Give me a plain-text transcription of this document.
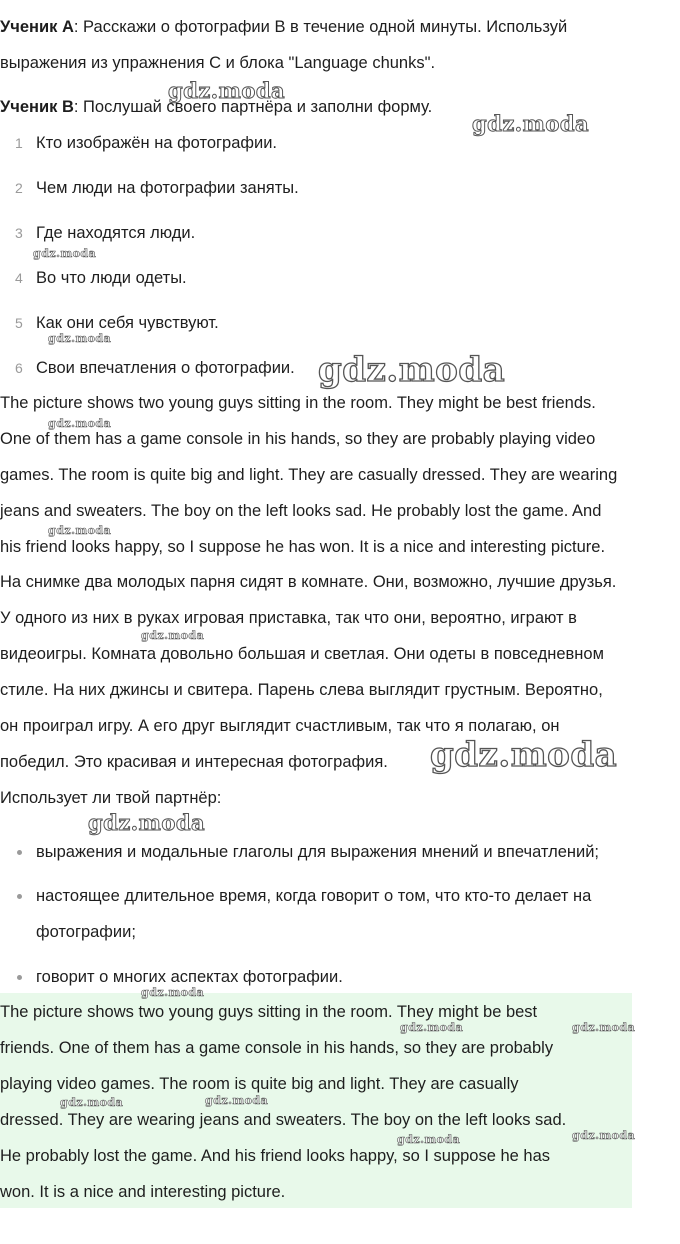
Ученик A: Расскажи о фотографии B в течение одной минуты. Используй
выражения из упражнения C и блока "Language chunks".
Ученик B: Послушай своего партнёра и заполни форму.
1 Кто изображён на фотографии.
2 Чем люди на фотографии заняты.
3 Где находятся люди.
4 Во что люди одеты.
5 Как они себя чувствуют.
6 Свои впечатления о фотографии.
The picture shows two young guys sitting in the room. They might be best friends.
One of them has a game console in his hands, so they are probably playing video
games. The room is quite big and light. They are casually dressed. They are wearing
jeans and sweaters. The boy on the left looks sad. He probably lost the game. And
his friend looks happy, so I suppose he has won. It is a nice and interesting picture.
На снимке два молодых парня сидят в комнате. Они, возможно, лучшие друзья.
У одного из них в руках игровая приставка, так что они, вероятно, играют в
видеоигры. Комната довольно большая и светлая. Они одеты в повседневном
стиле. На них джинсы и свитера. Парень слева выглядит грустным. Вероятно,
он проиграл игру. А его друг выглядит счастливым, так что я полагаю, он
победил. Это красивая и интересная фотография.
Использует ли твой партнёр:
выражения и модальные глаголы для выражения мнений и впечатлений;
настоящее длительное время, когда говорит о том, что кто-то делает на
фотографии;
говорит о многих аспектах фотографии.
The picture shows two young guys sitting in the room. They might be best
friends. One of them has a game console in his hands, so they are probably
playing video games. The room is quite big and light. They are casually
dressed. They are wearing jeans and sweaters. The boy on the left looks sad.
He probably lost the game. And his friend looks happy, so I suppose he has
won. It is a nice and interesting picture.
gdz.moda
gdz.moda
gdz.moda
gdz.moda
gdz.moda
gdz.moda
gdz.moda
gdz.moda
gdz.moda
gdz.moda
gdz.moda
gdz.moda	gdz.moda
gdz.moda	gdz.moda
gdz.moda	gdz.moda
